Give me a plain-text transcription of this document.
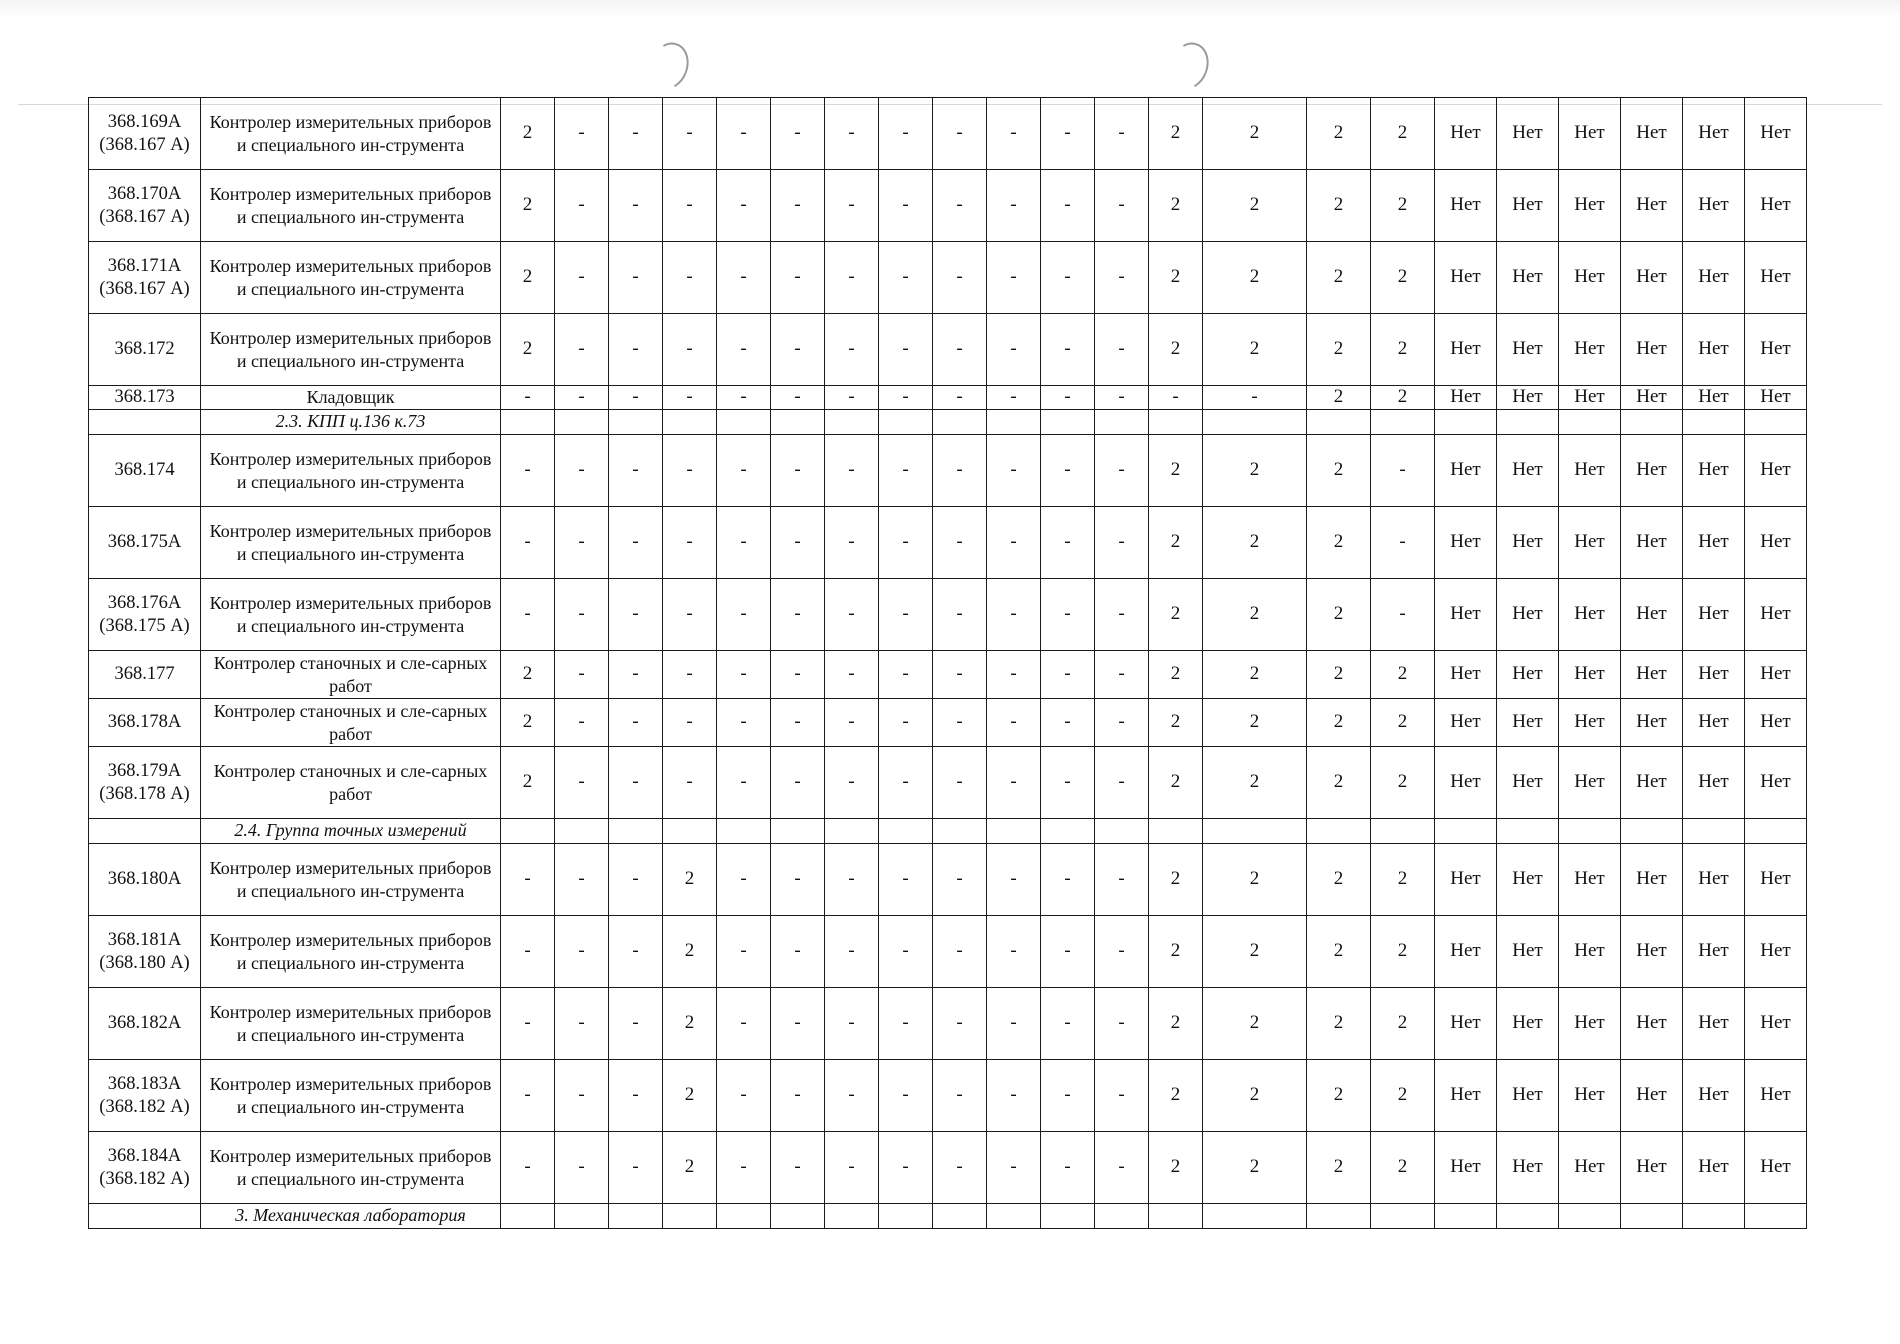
368.169А (368.167 А)	Контролер измерительных приборов и специального ин-струмента	2	-	-	-	-	-	-	-	-	-	-	-	2	2	2	2	Нет	Нет	Нет	Нет	Нет	Нет
368.170А (368.167 А)	Контролер измерительных приборов и специального ин-струмента	2	-	-	-	-	-	-	-	-	-	-	-	2	2	2	2	Нет	Нет	Нет	Нет	Нет	Нет
368.171А (368.167 А)	Контролер измерительных приборов и специального ин-струмента	2	-	-	-	-	-	-	-	-	-	-	-	2	2	2	2	Нет	Нет	Нет	Нет	Нет	Нет
368.172	Контролер измерительных приборов и специального ин-струмента	2	-	-	-	-	-	-	-	-	-	-	-	2	2	2	2	Нет	Нет	Нет	Нет	Нет	Нет
368.173	Кладовщик	-	-	-	-	-	-	-	-	-	-	-	-	-	-	2	2	Нет	Нет	Нет	Нет	Нет	Нет
	2.3. КПП ц.136 к.73																						
368.174	Контролер измерительных приборов и специального ин-струмента	-	-	-	-	-	-	-	-	-	-	-	-	2	2	2	-	Нет	Нет	Нет	Нет	Нет	Нет
368.175А	Контролер измерительных приборов и специального ин-струмента	-	-	-	-	-	-	-	-	-	-	-	-	2	2	2	-	Нет	Нет	Нет	Нет	Нет	Нет
368.176А (368.175 А)	Контролер измерительных приборов и специального ин-струмента	-	-	-	-	-	-	-	-	-	-	-	-	2	2	2	-	Нет	Нет	Нет	Нет	Нет	Нет
368.177	Контролер станочных и сле-сарных работ	2	-	-	-	-	-	-	-	-	-	-	-	2	2	2	2	Нет	Нет	Нет	Нет	Нет	Нет
368.178А	Контролер станочных и сле-сарных работ	2	-	-	-	-	-	-	-	-	-	-	-	2	2	2	2	Нет	Нет	Нет	Нет	Нет	Нет
368.179А (368.178 А)	Контролер станочных и сле-сарных работ	2	-	-	-	-	-	-	-	-	-	-	-	2	2	2	2	Нет	Нет	Нет	Нет	Нет	Нет
	2.4. Группа точных измерений																						
368.180А	Контролер измерительных приборов и специального ин-струмента	-	-	-	2	-	-	-	-	-	-	-	-	2	2	2	2	Нет	Нет	Нет	Нет	Нет	Нет
368.181А (368.180 А)	Контролер измерительных приборов и специального ин-струмента	-	-	-	2	-	-	-	-	-	-	-	-	2	2	2	2	Нет	Нет	Нет	Нет	Нет	Нет
368.182А	Контролер измерительных приборов и специального ин-струмента	-	-	-	2	-	-	-	-	-	-	-	-	2	2	2	2	Нет	Нет	Нет	Нет	Нет	Нет
368.183А (368.182 А)	Контролер измерительных приборов и специального ин-струмента	-	-	-	2	-	-	-	-	-	-	-	-	2	2	2	2	Нет	Нет	Нет	Нет	Нет	Нет
368.184А (368.182 А)	Контролер измерительных приборов и специального ин-струмента	-	-	-	2	-	-	-	-	-	-	-	-	2	2	2	2	Нет	Нет	Нет	Нет	Нет	Нет
	3. Механическая лаборатория																						
